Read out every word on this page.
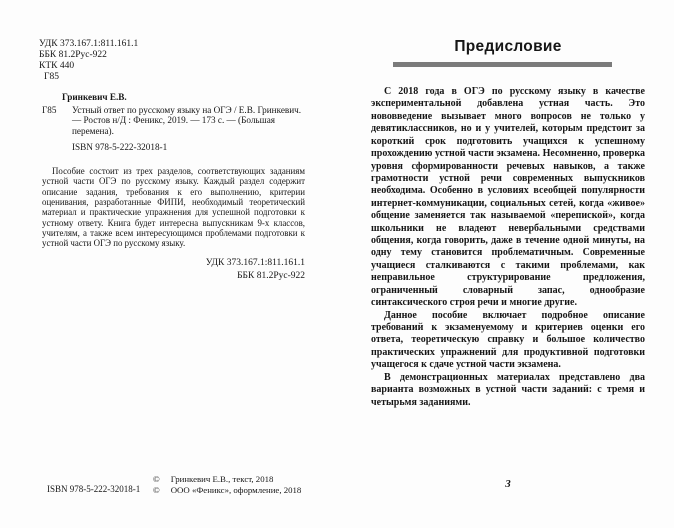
УДК 373.167.1:811.161.1
ББК 81.2Рус-922
КТК 440
Г85
Гринкевич Е.В.
Г85	Устный ответ по русскому языку на ОГЭ / Е.В. Гринкевич. — Ростов н/Д : Феникс, 2019. — 173 с. — (Большая перемена).
ISBN 978-5-222-32018-1
Пособие состоит из трех разделов, соответствующих заданиям устной части ОГЭ по русскому языку. Каждый раздел содержит описание задания, требования к его выполнению, критерии оценивания, разработанные ФИПИ, необходимый теоретический материал и практические упражнения для успешной подготовки к устному ответу. Книга будет интересна выпускникам 9-х классов, учителям, а также всем интересующимся проблемами подготовки к устной части ОГЭ по русскому языку.
УДК 373.167.1:811.161.1
ББК 81.2Рус-922
ISBN 978-5-222-32018-1
© Гринкевич Е.В., текст, 2018
© ООО «Феникс», оформление, 2018
Предисловие

С 2018 года в ОГЭ по русскому языку в качестве экспериментальной добавлена устная часть. Это нововведение вызывает много вопросов не только у девятиклассников, но и у учителей, которым предстоит за короткий срок подготовить учащихся к успешному прохождению устной части экзамена. Несомненно, проверка уровня сформированности речевых навыков, а также грамотности устной речи современных выпускников необходима. Особенно в условиях всеобщей популярности интернет-коммуникации, социальных сетей, когда «живое» общение заменяется так называемой «перепиской», когда школьники не владеют невербальными средствами общения, когда говорить, даже в течение одной минуты, на одну тему становится проблематичным. Современные учащиеся сталкиваются с такими проблемами, как неправильное структурирование предложения, ограниченный словарный запас, однообразие синтаксического строя речи и многие другие.

Данное пособие включает подробное описание требований к экзаменуемому и критериев оценки его ответа, теоретическую справку и большое количество практических упражнений для продуктивной подготовки учащегося к сдаче устной части экзамена.

В демонстрационных материалах представлено два варианта возможных в устной части заданий: с тремя и четырьмя заданиями.

3
